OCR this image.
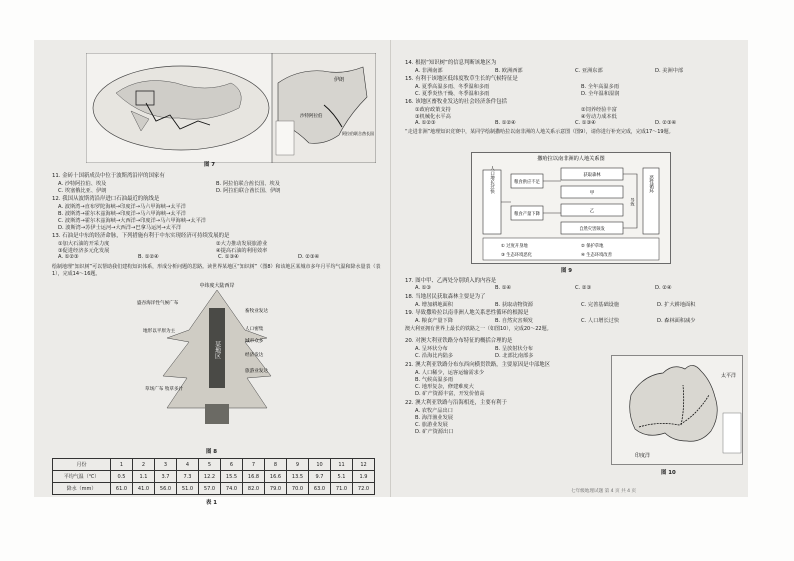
伊朗
沙特阿拉伯
阿拉伯联合酋长国
图 7
11. 金砖十国新成员中位于波斯湾沿岸的国家有
A. 沙特阿拉伯、埃及	B. 阿拉伯联合酋长国、埃及
C. 埃塞俄比亚、伊朗	D. 阿拉伯联合酋长国、伊朗
12. 我国从波斯湾沿岸进口石油最近的航线是
A. 波斯湾→直布罗陀海峡→印度洋→马六甲海峡→太平洋
B. 波斯湾→霍尔木兹海峡→印度洋→马六甲海峡→太平洋
C. 波斯湾→霍尔木兹海峡→大西洋→印度洋→马六甲海峡→太平洋
D. 波斯湾→苏伊士运河→大西洋→巴拿马运河→太平洋
13. 石油是中东的经济命脉，下列措施有利于中东实现经济可持续发展的是
①加大石油的开采力度	②大力推动发展旅游业
③促进经济多元化发展	④提高石油的利用效率
A. ①②③	B. ①②④	C. ①③④	D. ②③④
绘制地理“知识树”可以帮助我们建构知识体系，形成分析问题的思路。读世界某地区“知识树”（图8）和该地区某城市多年月平均气温和降水量表（表1），完成14～16题。
中纬度大陆西岸
某地区
盛吞海洋性气候广布
地形以平原为主
草场广布 牧草多汁
畜牧业发达
人口密集
城市众多
经济发达
旅游业发达
图 8
月份	1	2	3	4	5	6	7	8	9	10	11	12
平均气温（℃）	0.5	1.1	3.7	7.3	12.2	15.5	16.8	16.6	13.5	9.7	5.1	1.9
降水（mm）	61.0	41.0	56.0	51.0	57.0	74.0	82.0	79.0	70.0	63.0	71.0	72.0
表 1
14. 根据“知识树”的信息判断该地区为
A. 非洲南部	B. 欧洲西部	C. 亚洲东部	D. 美洲中部
15. 有利于该地区低纬度牧草生长的气候特征是
A. 夏季高温多雨、冬季温和多雨	B. 全年高温多雨
C. 夏季炎热干燥、冬季温和多雨	D. 全年温和湿润
16. 该地区畜牧业发达的社会经济条件包括
①政府政策支持	②饲养经验丰富
③机械化水平高	④劳动力成本低
A. ①②③	B. ①②④	C. ①③④	D. ②③④
“走进非洲”地理知识竞赛中，某同学绘制撒哈拉以南非洲的人地关系示意图（图9），请你进行补充完成，完成17～19题。
撒哈拉以南非洲的人地关系图
人口增长过快	粮食供应不足
粮食产量下降
获取森林
甲
乙
自然灾害频发
导致
恶性循环
① 过度开垦地	② 保护草地
③ 生态环境恶化	④ 生态环境改善
图 9
17. 图中甲、乙两处分别填入的内容是
A. ①③	B. ①④	C. ②③	D. ②④
18. 当地居民获取森林主要是为了
A. 增加耕地面积	B. 获取动物资源	C. 完善基础设施	D. 扩大耕地面积
19. 导致撒哈拉以南非洲人地关系恶性循环的根源是
A. 粮食产量下降	B. 自然灾害频发	C. 人口增长过快	D. 森林面积减少
澳大利亚拥有世界上最长的铁路之一（如图10），完成20～22题。
20. 对澳大利亚铁路分布特征的概括合理的是
A. 呈环状分布	B. 呈放射状分布
C. 沿海比内陆多	D. 北部比南部多
21. 澳大利亚铁路分布东西向横贯铁路，主要原因是中部地区
A. 人口稀少，运客运输需求少
B. 气候高温多雨
C. 地形复杂，修建难度大
D. 矿产资源丰富，开发价值高
22. 澳大利亚铁路与沿海相连，主要有利于
A. 农牧产品出口
B. 海洋渔业发展
C. 旅游业发展
D. 矿产资源出口
太平洋
印度洋
图 10
七年级地理试题 第 4 页 共 4 页
